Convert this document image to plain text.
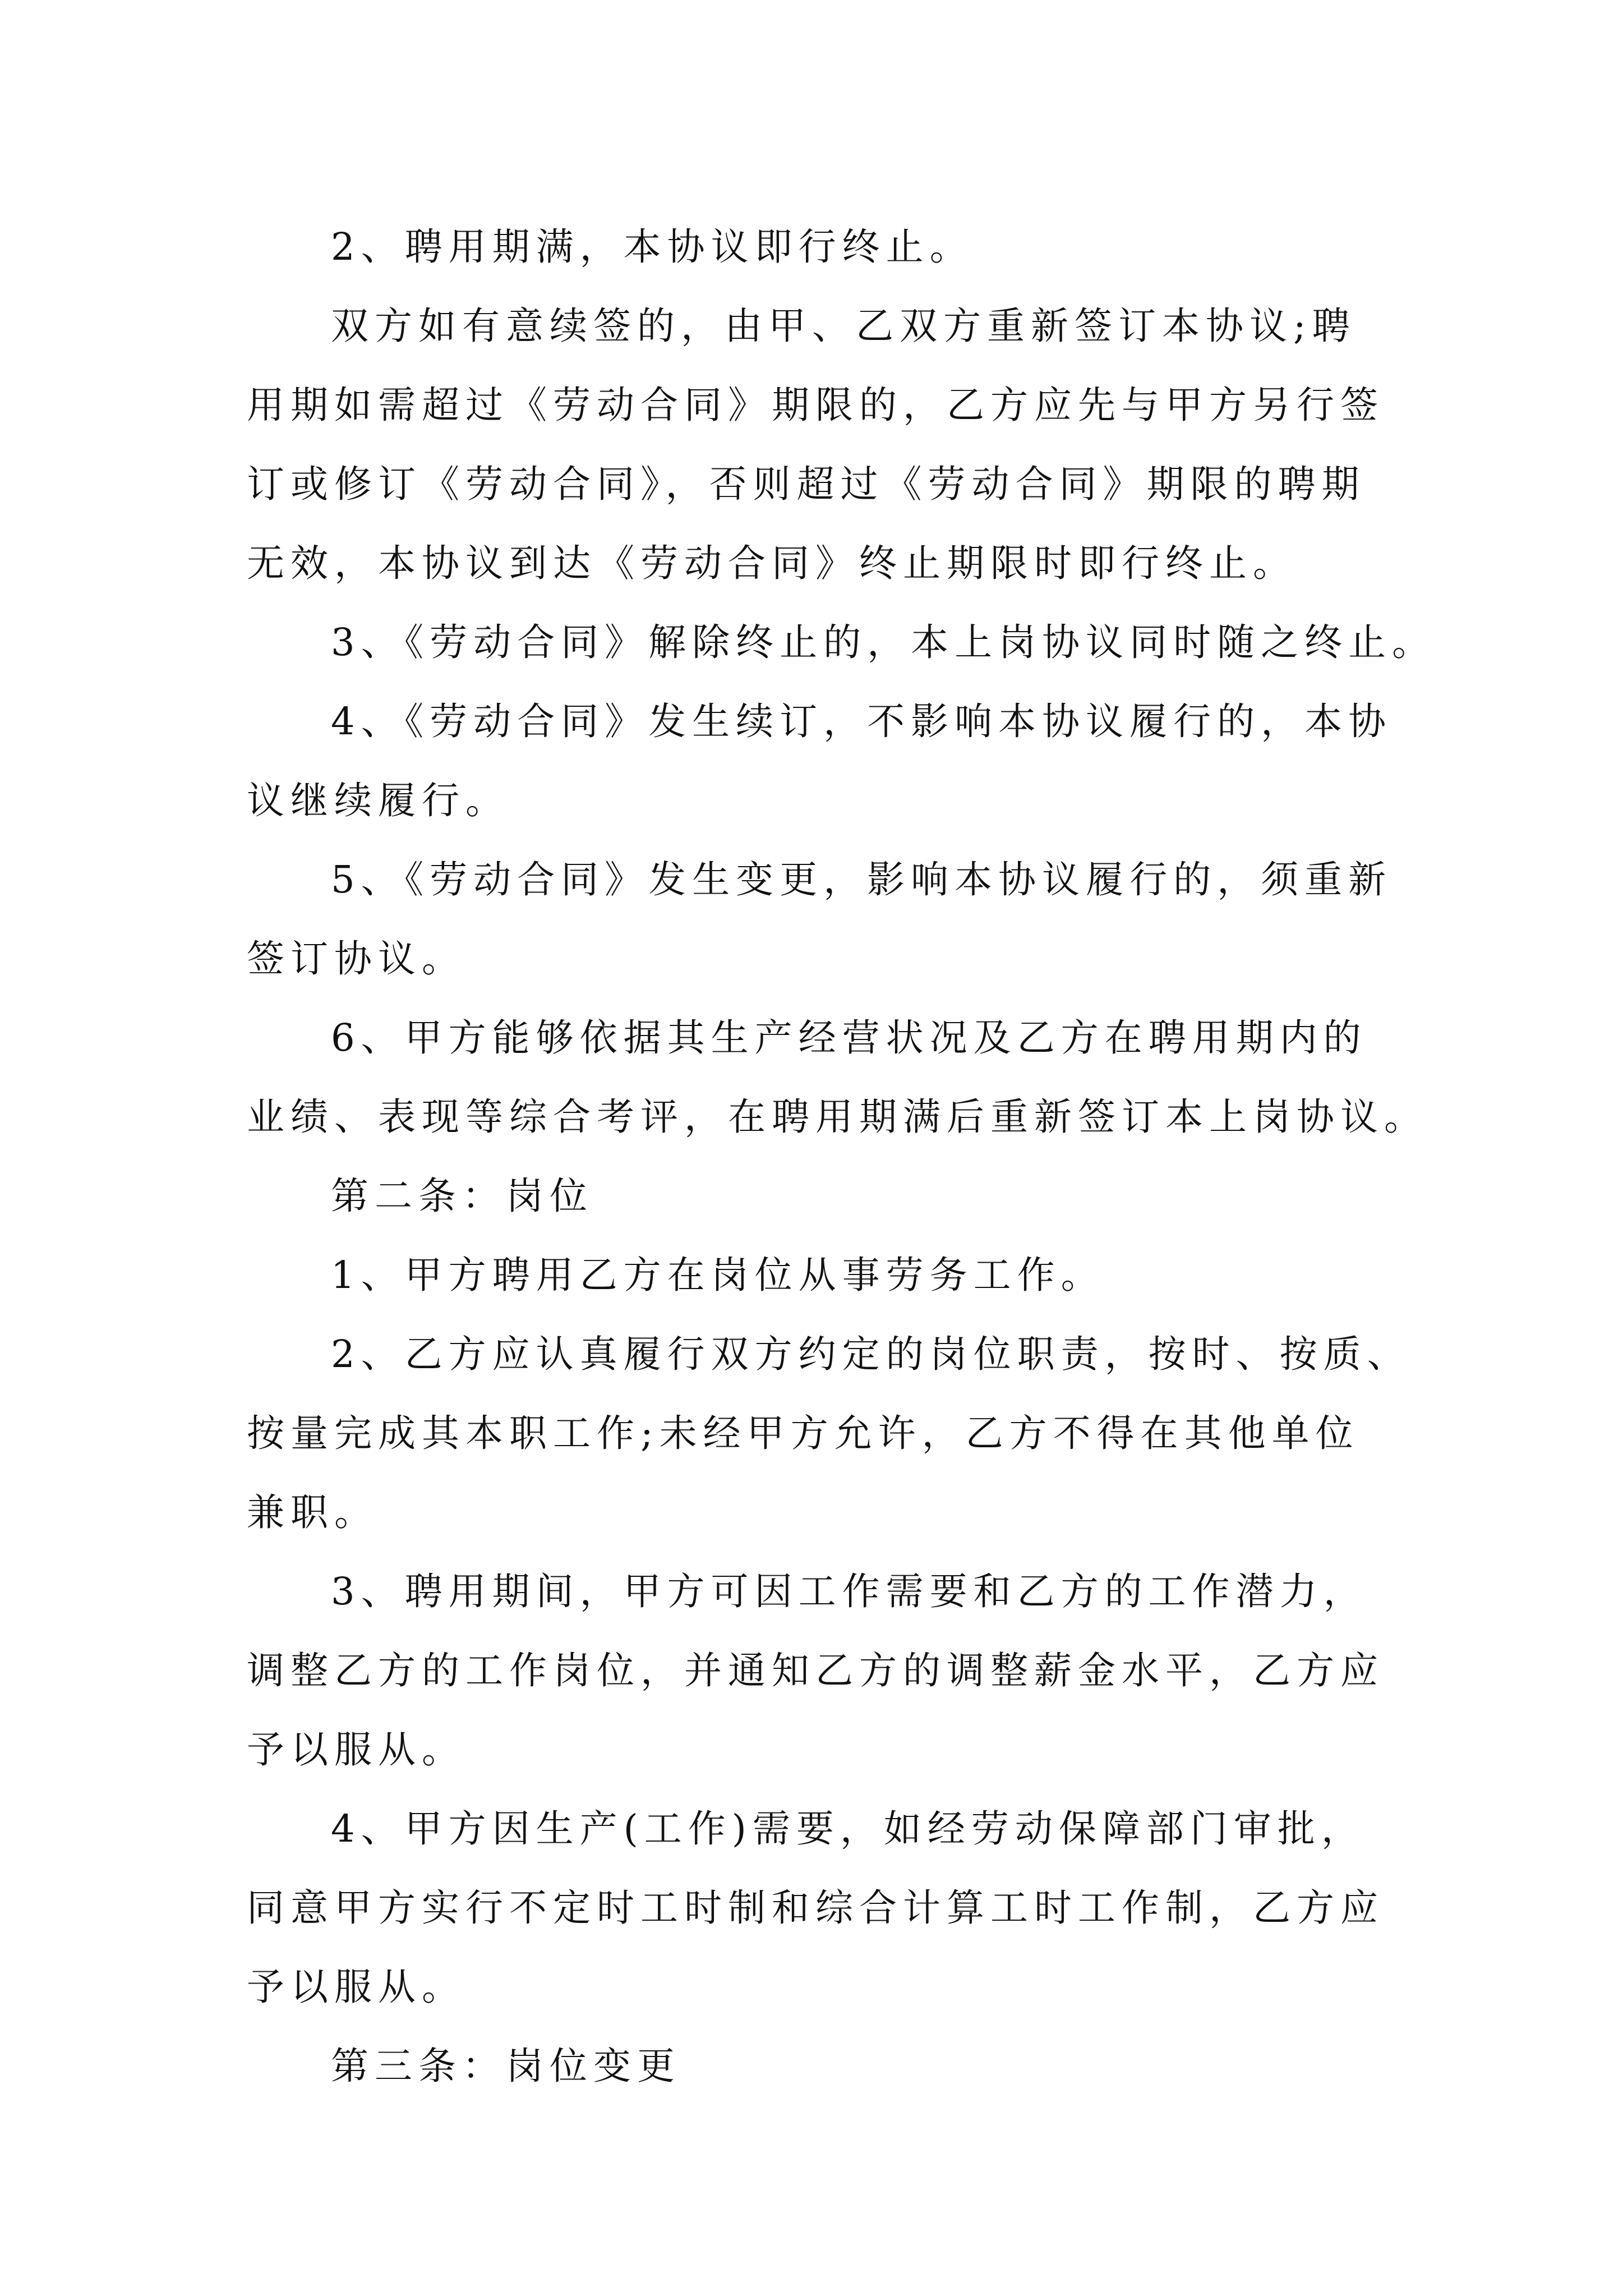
2、聘用期满，本协议即行终止。

双方如有意续签的，由甲、乙双方重新签订本协议;聘
用期如需超过《劳动合同》期限的，乙方应先与甲方另行签
订或修订《劳动合同》，否则超过《劳动合同》期限的聘期
无效，本协议到达《劳动合同》终止期限时即行终止。

3、《劳动合同》解除终止的，本上岗协议同时随之终止。

4、《劳动合同》发生续订，不影响本协议履行的，本协
议继续履行。

5、《劳动合同》发生变更，影响本协议履行的，须重新
签订协议。

6、甲方能够依据其生产经营状况及乙方在聘用期内的
业绩、表现等综合考评，在聘用期满后重新签订本上岗协议。

第二条：岗位

1、甲方聘用乙方在岗位从事劳务工作。

2、乙方应认真履行双方约定的岗位职责，按时、按质、
按量完成其本职工作;未经甲方允许，乙方不得在其他单位
兼职。

3、聘用期间，甲方可因工作需要和乙方的工作潜力，
调整乙方的工作岗位，并通知乙方的调整薪金水平，乙方应
予以服从。

4、甲方因生产(工作)需要，如经劳动保障部门审批，
同意甲方实行不定时工时制和综合计算工时工作制，乙方应
予以服从。

第三条：岗位变更
